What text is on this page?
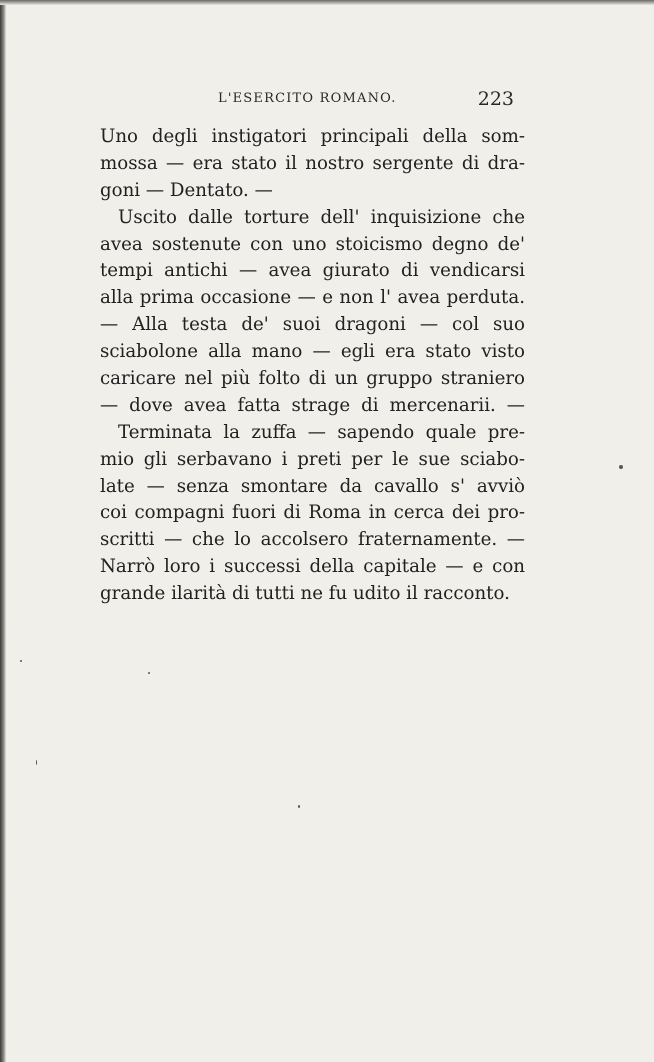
L'ESERCITO ROMANO.	223
Uno degli instigatori principali della som-
mossa — era stato il nostro sergente di dra-
goni — Dentato. —
Uscito dalle torture dell' inquisizione che
avea sostenute con uno stoicismo degno de'
tempi antichi — avea giurato di vendicarsi
alla prima occasione — e non l' avea perduta.
— Alla testa de' suoi dragoni — col suo
sciabolone alla mano — egli era stato visto
caricare nel più folto di un gruppo straniero
— dove avea fatta strage di mercenarii. —
Terminata la zuffa — sapendo quale pre-
mio gli serbavano i preti per le sue sciabo-
late — senza smontare da cavallo s' avviò
coi compagni fuori di Roma in cerca dei pro-
scritti — che lo accolsero fraternamente. —
Narrò loro i successi della capitale — e con
grande ilarità di tutti ne fu udito il racconto.
